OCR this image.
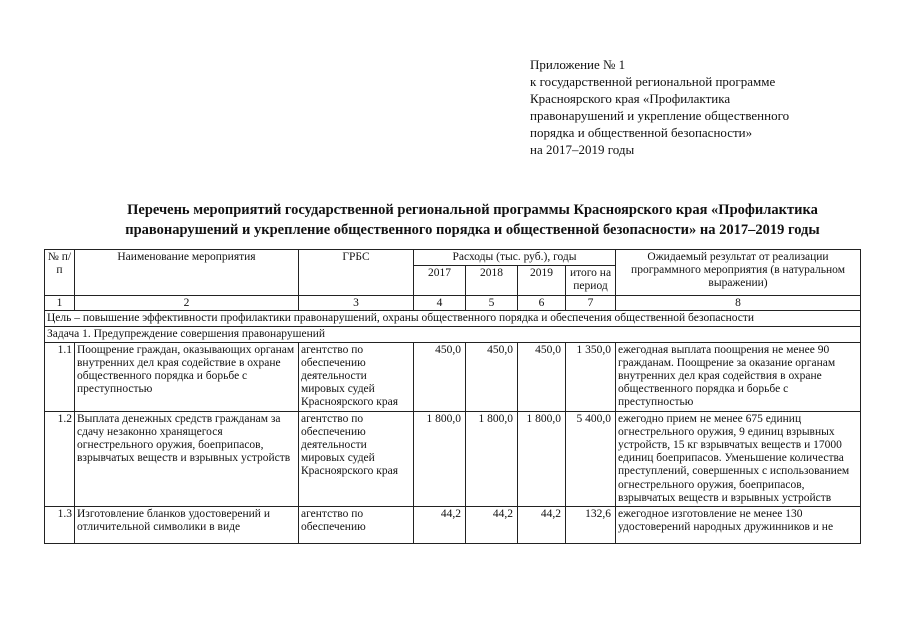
Приложение № 1
к государственной региональной программе
Красноярского края «Профилактика
правонарушений и укрепление общественного
порядка и общественной безопасности»
на 2017–2019 годы
Перечень мероприятий государственной региональной программы Красноярского края «Профилактика
правонарушений и укрепление общественного порядка и общественной безопасности» на 2017–2019 годы
№ п/п	Наименование мероприятия	ГРБС	Расходы (тыс. руб.), годы				Ожидаемый результат от реализации программного мероприятия (в натуральном выражении)
			2017	2018	2019	итого на период	
1	2	3	4	5	6	7	8
Цель – повышение эффективности профилактики правонарушений, охраны общественного порядка и обеспечения общественной безопасности							
Задача 1. Предупреждение совершения правонарушений							
1.1	Поощрение граждан, оказывающих органам внутренних дел края содействие в охране общественного порядка и борьбе с преступностью	агентство по обеспечению деятельности мировых судей Красноярского края	450,0	450,0	450,0	1 350,0	ежегодная выплата поощрения не менее 90 гражданам. Поощрение за оказание органам внутренних дел края содействия в охране общественного порядка и борьбе с преступностью
1.2	Выплата денежных средств гражданам за сдачу незаконно хранящегося огнестрельного оружия, боеприпасов, взрывчатых веществ и взрывных устройств	агентство по обеспечению деятельности мировых судей Красноярского края	1 800,0	1 800,0	1 800,0	5 400,0	ежегодно прием не менее 675 единиц огнестрельного оружия, 9 единиц взрывных устройств, 15 кг взрывчатых веществ и 17000 единиц боеприпасов. Уменьшение количества преступлений, совершенных с использованием огнестрельного оружия, боеприпасов, взрывчатых веществ и взрывных устройств
1.3	Изготовление бланков удостоверений и отличительной символики в виде	агентство по обеспечению	44,2	44,2	44,2	132,6	ежегодное изготовление не менее 130 удостоверений народных дружинников и не
